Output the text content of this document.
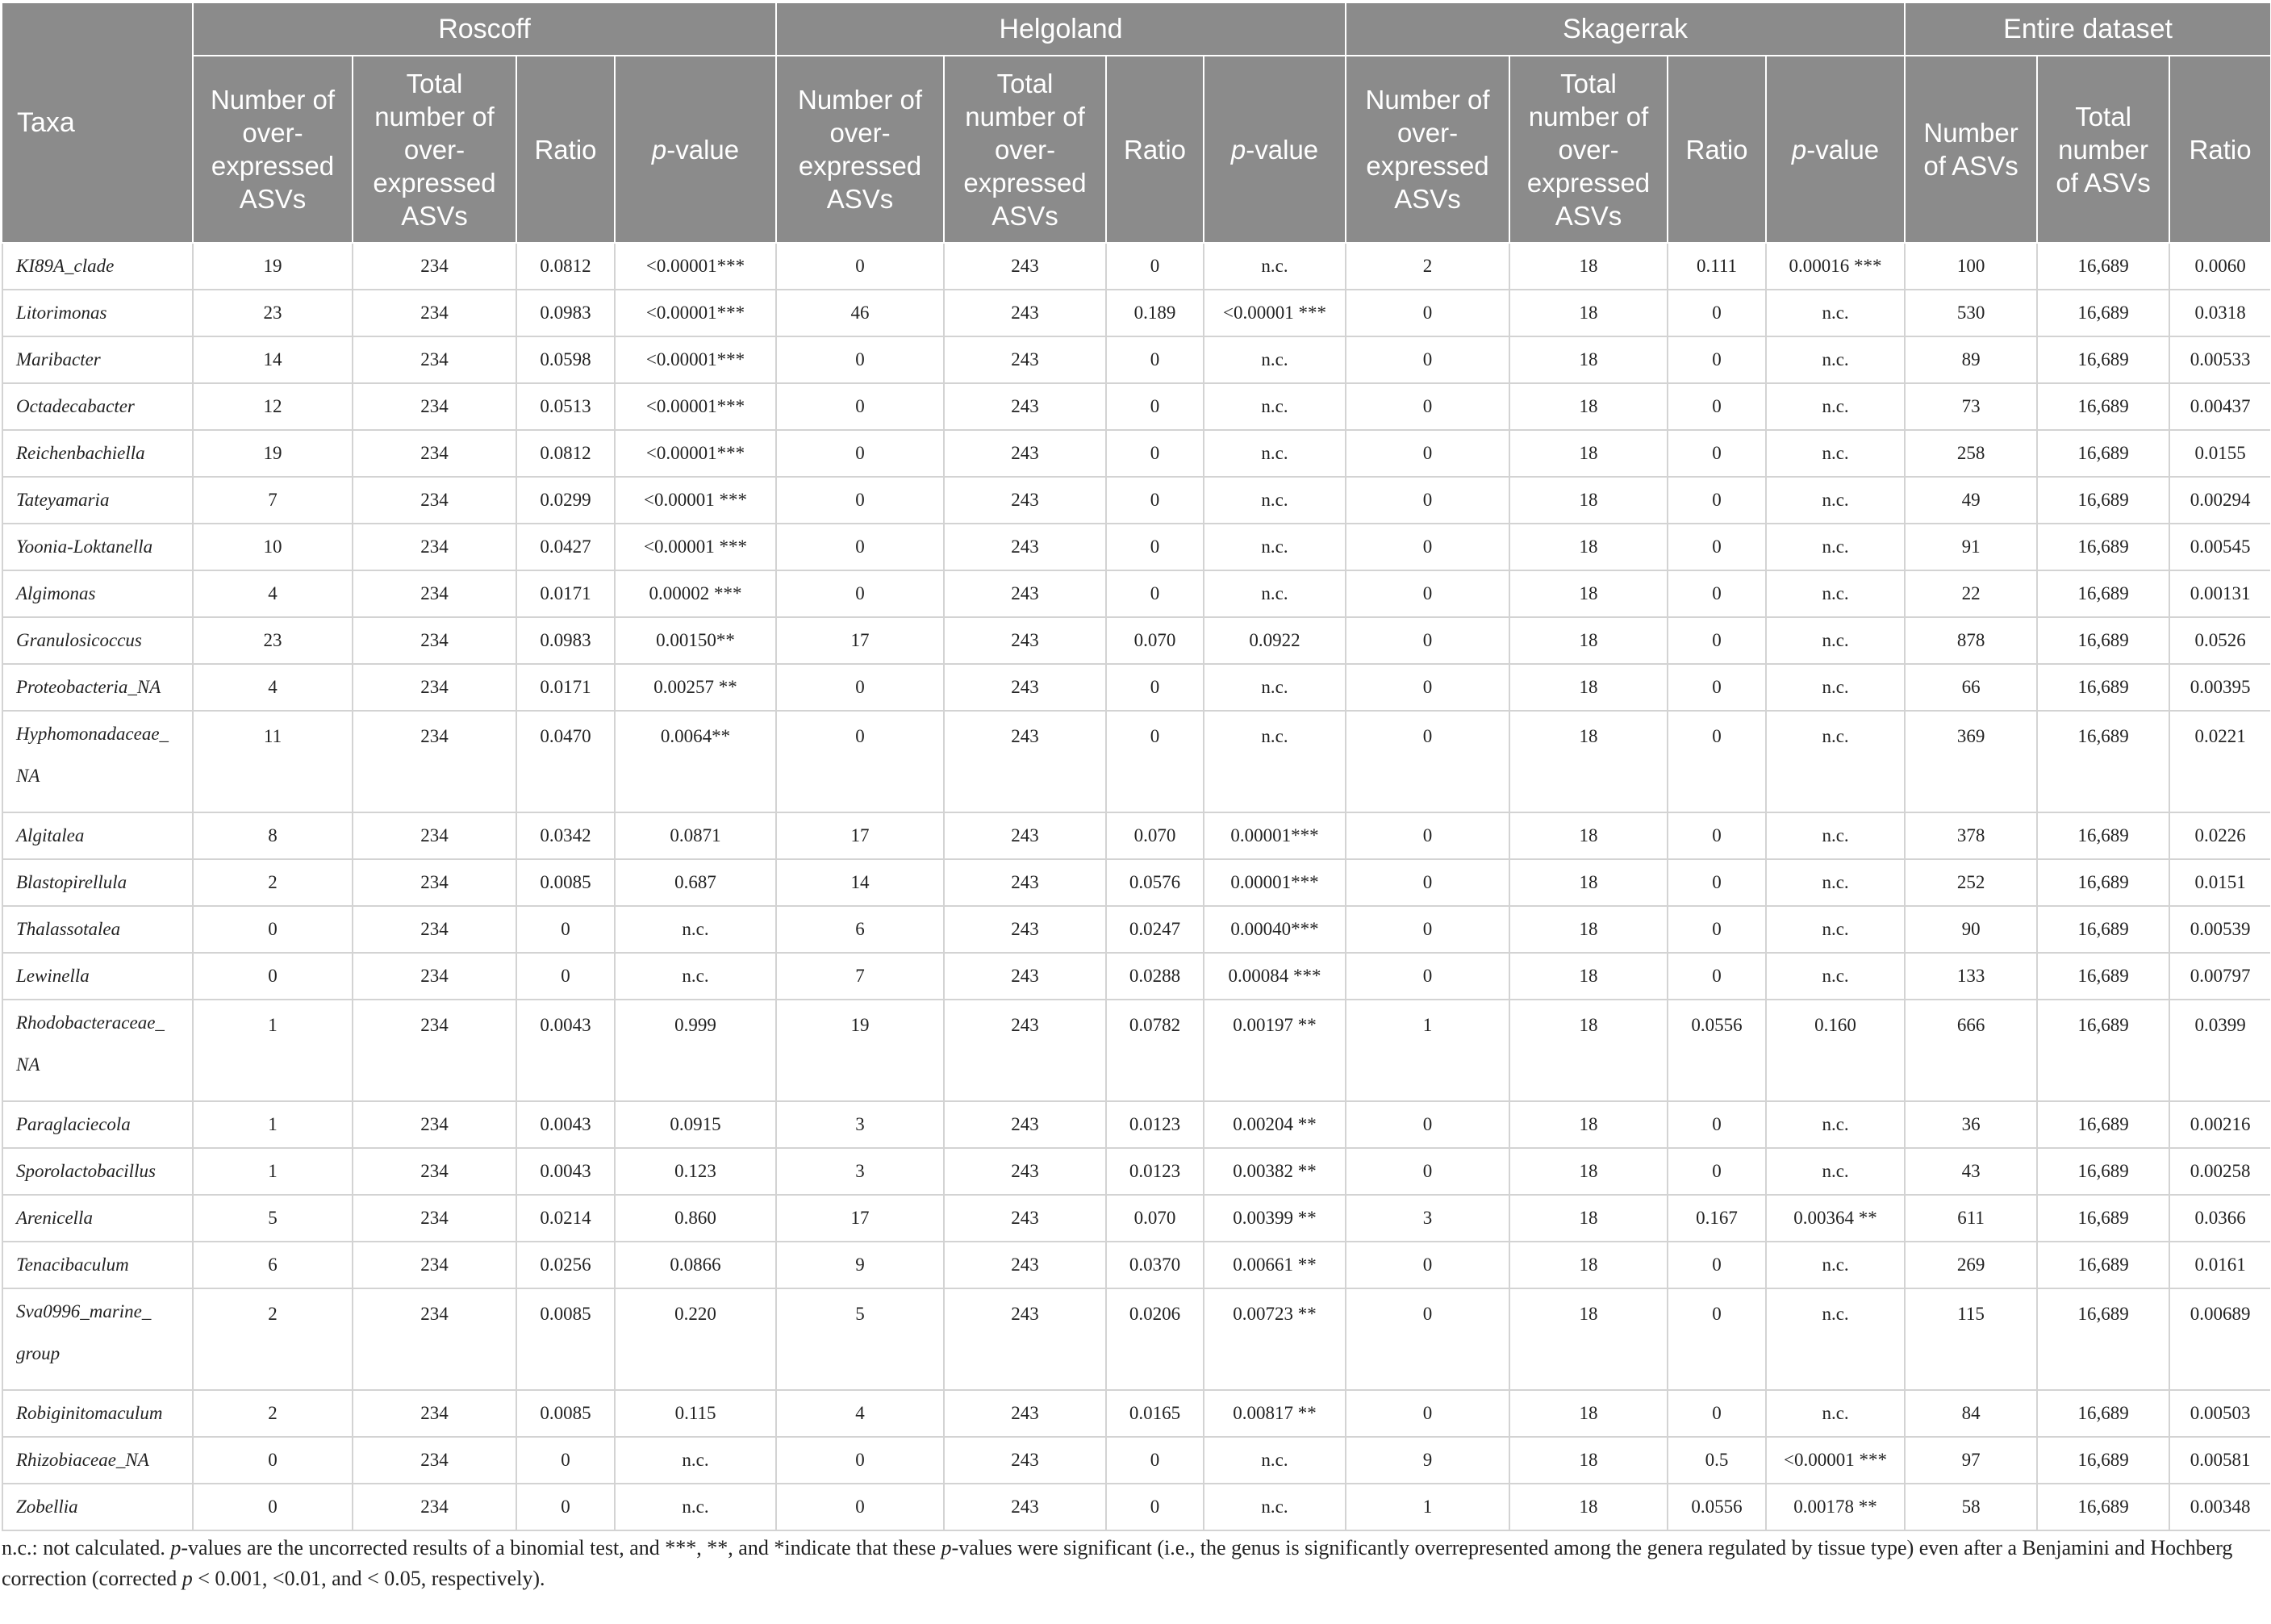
Taxa	Roscoff				Helgoland				Skagerrak				Entire dataset		
	Number of over-expressed ASVs	Total number of over-expressed ASVs	Ratio	p-value	Number of over-expressed ASVs	Total number of over-expressed ASVs	Ratio	p-value	Number of over-expressed ASVs	Total number of over-expressed ASVs	Ratio	p-value	Number of ASVs	Total number of ASVs	Ratio
KI89A_clade	19	234	0.0812	<0.00001***	0	243	0	n.c.	2	18	0.111	0.00016 ***	100	16,689	0.0060
Litorimonas	23	234	0.0983	<0.00001***	46	243	0.189	<0.00001 ***	0	18	0	n.c.	530	16,689	0.0318
Maribacter	14	234	0.0598	<0.00001***	0	243	0	n.c.	0	18	0	n.c.	89	16,689	0.00533
Octadecabacter	12	234	0.0513	<0.00001***	0	243	0	n.c.	0	18	0	n.c.	73	16,689	0.00437
Reichenbachiella	19	234	0.0812	<0.00001***	0	243	0	n.c.	0	18	0	n.c.	258	16,689	0.0155
Tateyamaria	7	234	0.0299	<0.00001 ***	0	243	0	n.c.	0	18	0	n.c.	49	16,689	0.00294
Yoonia-Loktanella	10	234	0.0427	<0.00001 ***	0	243	0	n.c.	0	18	0	n.c.	91	16,689	0.00545
Algimonas	4	234	0.0171	0.00002 ***	0	243	0	n.c.	0	18	0	n.c.	22	16,689	0.00131
Granulosicoccus	23	234	0.0983	0.00150**	17	243	0.070	0.0922	0	18	0	n.c.	878	16,689	0.0526
Proteobacteria_NA	4	234	0.0171	0.00257 **	0	243	0	n.c.	0	18	0	n.c.	66	16,689	0.00395
Hyphomonadaceae_
NA	11	234	0.0470	0.0064**	0	243	0	n.c.	0	18	0	n.c.	369	16,689	0.0221
Algitalea	8	234	0.0342	0.0871	17	243	0.070	0.00001***	0	18	0	n.c.	378	16,689	0.0226
Blastopirellula	2	234	0.0085	0.687	14	243	0.0576	0.00001***	0	18	0	n.c.	252	16,689	0.0151
Thalassotalea	0	234	0	n.c.	6	243	0.0247	0.00040***	0	18	0	n.c.	90	16,689	0.00539
Lewinella	0	234	0	n.c.	7	243	0.0288	0.00084 ***	0	18	0	n.c.	133	16,689	0.00797
Rhodobacteraceae_
NA	1	234	0.0043	0.999	19	243	0.0782	0.00197 **	1	18	0.0556	0.160	666	16,689	0.0399
Paraglaciecola	1	234	0.0043	0.0915	3	243	0.0123	0.00204 **	0	18	0	n.c.	36	16,689	0.00216
Sporolactobacillus	1	234	0.0043	0.123	3	243	0.0123	0.00382 **	0	18	0	n.c.	43	16,689	0.00258
Arenicella	5	234	0.0214	0.860	17	243	0.070	0.00399 **	3	18	0.167	0.00364 **	611	16,689	0.0366
Tenacibaculum	6	234	0.0256	0.0866	9	243	0.0370	0.00661 **	0	18	0	n.c.	269	16,689	0.0161
Sva0996_marine_
group	2	234	0.0085	0.220	5	243	0.0206	0.00723 **	0	18	0	n.c.	115	16,689	0.00689
Robiginitomaculum	2	234	0.0085	0.115	4	243	0.0165	0.00817 **	0	18	0	n.c.	84	16,689	0.00503
Rhizobiaceae_NA	0	234	0	n.c.	0	243	0	n.c.	9	18	0.5	<0.00001 ***	97	16,689	0.00581
Zobellia	0	234	0	n.c.	0	243	0	n.c.	1	18	0.0556	0.00178 **	58	16,689	0.00348
n.c.: not calculated. p-values are the uncorrected results of a binomial test, and ***, **, and *indicate that these p-values were significant (i.e., the genus is significantly overrepresented among the genera regulated by tissue type) even after a Benjamini and Hochberg correction (corrected p < 0.001, <0.01, and < 0.05, respectively).
